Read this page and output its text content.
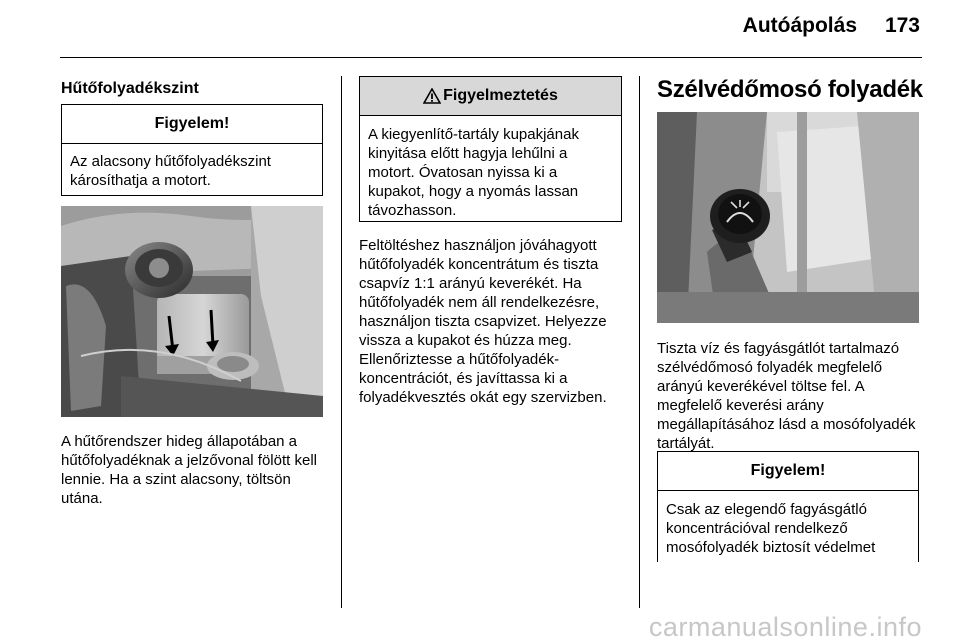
Autóápolás 173
Hűtőfolyadékszint
Figyelem!
Az alacsony hűtőfolyadékszint károsíthatja a motort.
A hűtőrendszer hideg állapotában a hűtőfolyadéknak a jelzővonal fölött kell lennie. Ha a szint alacsony, töltsön utána.
Figyelmeztetés
A kiegyenlítő-tartály kupakjának kinyitása előtt hagyja lehűlni a motort. Óvatosan nyissa ki a kupakot, hogy a nyomás lassan távozhasson.
Feltöltéshez használjon jóváhagyott hűtőfolyadék koncentrátum és tiszta csapvíz 1:1 arányú keverékét. Ha hűtőfolyadék nem áll rendelkezésre, használjon tiszta csapvizet. Helyezze vissza a kupakot és húzza meg. Ellenőriztesse a hűtőfolyadék-koncentrációt, és javíttassa ki a folyadékvesztés okát egy szervizben.
Szélvédőmosó folyadék
Tiszta víz és fagyásgátlót tartalmazó szélvédőmosó folyadék megfelelő arányú keverékével töltse fel. A megfelelő keverési arány megállapításához lásd a mosófolyadék tartályát.
Figyelem!
Csak az elegendő fagyásgátló koncentrációval rendelkező mosófolyadék biztosít védelmet
carmanualsonline.info
